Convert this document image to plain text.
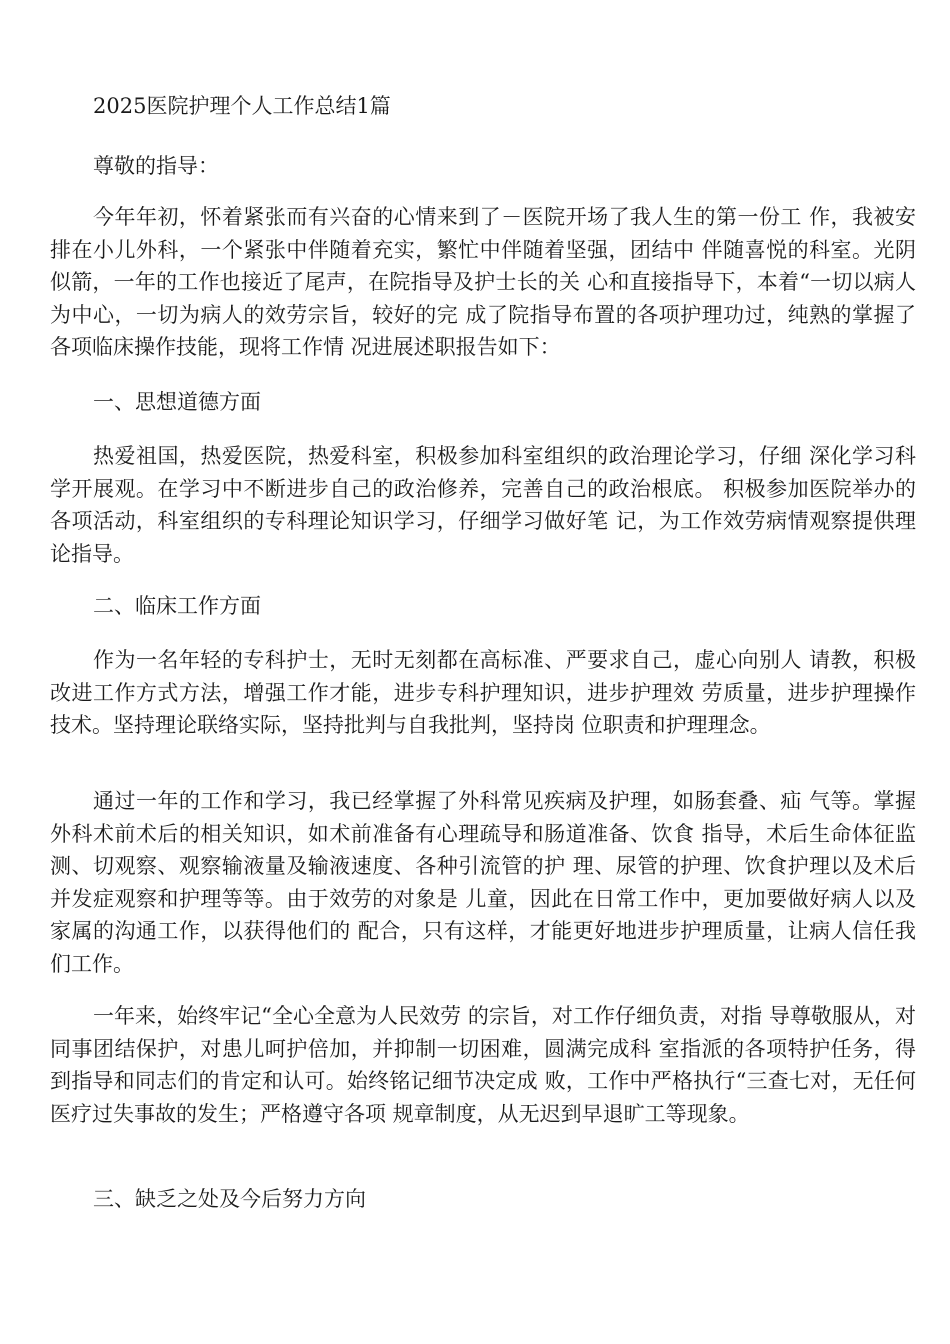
2025医院护理个人工作总结1篇

尊敬的指导：

今年年初，怀着紧张而有兴奋的心情来到了－医院开场了我人生的第一份工 作，我被安排在小儿外科，一个紧张中伴随着充实，繁忙中伴随着坚强，团结中 伴随喜悦的科室。光阴似箭，一年的工作也接近了尾声，在院指导及护士长的关 心和直接指导下，本着“一切以病人为中心，一切为病人的效劳宗旨，较好的完 成了院指导布置的各项护理功过，纯熟的掌握了各项临床操作技能，现将工作情 况进展述职报告如下：

一、思想道德方面

热爱祖国，热爱医院，热爱科室，积极参加科室组织的政治理论学习，仔细 深化学习科学开展观。在学习中不断进步自己的政治修养，完善自己的政治根底。 积极参加医院举办的各项活动，科室组织的专科理论知识学习，仔细学习做好笔 记，为工作效劳病情观察提供理论指导。

二、临床工作方面

作为一名年轻的专科护士，无时无刻都在高标准、严要求自己，虚心向别人 请教，积极改进工作方式方法，增强工作才能，进步专科护理知识，进步护理效 劳质量，进步护理操作技术。坚持理论联络实际，坚持批判与自我批判，坚持岗 位职责和护理理念。

通过一年的工作和学习，我已经掌握了外科常见疾病及护理，如肠套叠、疝 气等。掌握外科术前术后的相关知识，如术前准备有心理疏导和肠道准备、饮食 指导，术后生命体征监测、切观察、观察输液量及输液速度、各种引流管的护 理、尿管的护理、饮食护理以及术后并发症观察和护理等等。由于效劳的对象是 儿童，因此在日常工作中，更加要做好病人以及家属的沟通工作，以获得他们的 配合，只有这样，才能更好地进步护理质量，让病人信任我们工作。

一年来，始终牢记“全心全意为人民效劳 的宗旨，对工作仔细负责，对指 导尊敬服从，对同事团结保护，对患儿呵护倍加，并抑制一切困难，圆满完成科 室指派的各项特护任务，得到指导和同志们的肯定和认可。始终铭记细节决定成 败，工作中严格执行“三查七对，无任何医疗过失事故的发生；严格遵守各项 规章制度，从无迟到早退旷工等现象。

三、缺乏之处及今后努力方向
